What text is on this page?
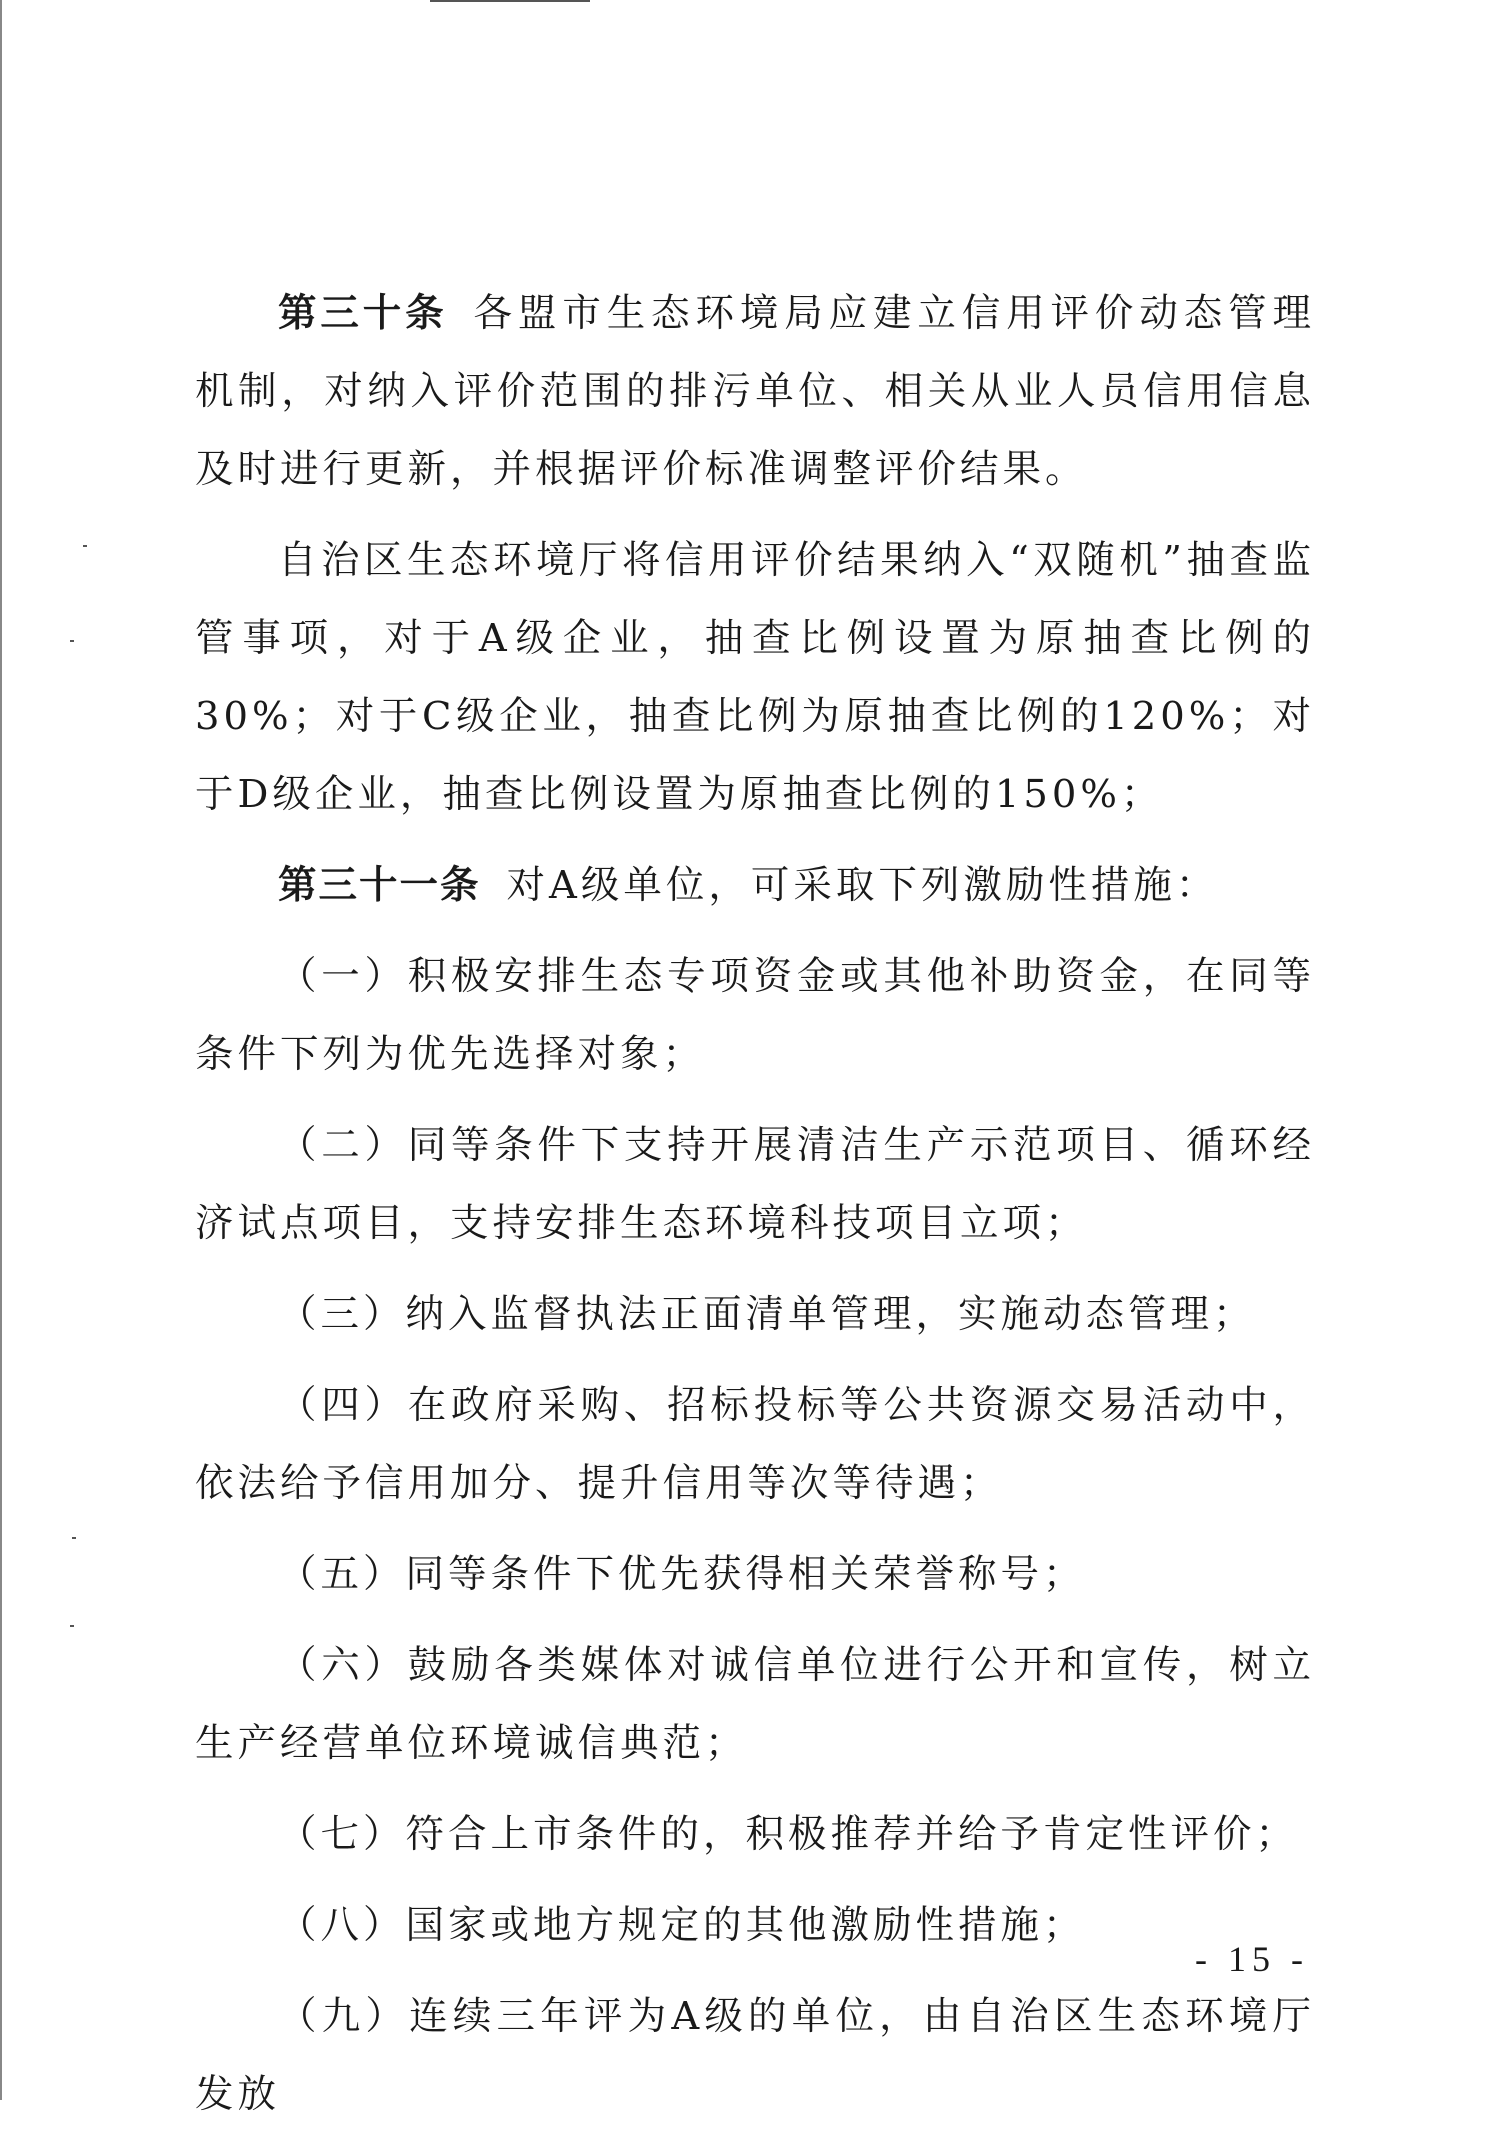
第三十条 各盟市生态环境局应建立信用评价动态管理机制，对纳入评价范围的排污单位、相关从业人员信用信息及时进行更新，并根据评价标准调整评价结果。

自治区生态环境厅将信用评价结果纳入“双随机”抽查监管事项，对于A级企业，抽查比例设置为原抽查比例的30%；对于C级企业，抽查比例为原抽查比例的120%；对于D级企业，抽查比例设置为原抽查比例的150%；

第三十一条 对A级单位，可采取下列激励性措施：

（一）积极安排生态专项资金或其他补助资金，在同等条件下列为优先选择对象；

（二）同等条件下支持开展清洁生产示范项目、循环经济试点项目，支持安排生态环境科技项目立项；

（三）纳入监督执法正面清单管理，实施动态管理；

（四）在政府采购、招标投标等公共资源交易活动中，依法给予信用加分、提升信用等次等待遇；

（五）同等条件下优先获得相关荣誉称号；

（六）鼓励各类媒体对诚信单位进行公开和宣传，树立生产经营单位环境诚信典范；

（七）符合上市条件的，积极推荐并给予肯定性评价；

（八）国家或地方规定的其他激励性措施；

（九）连续三年评为A级的单位，由自治区生态环境厅发放

- 15 -
